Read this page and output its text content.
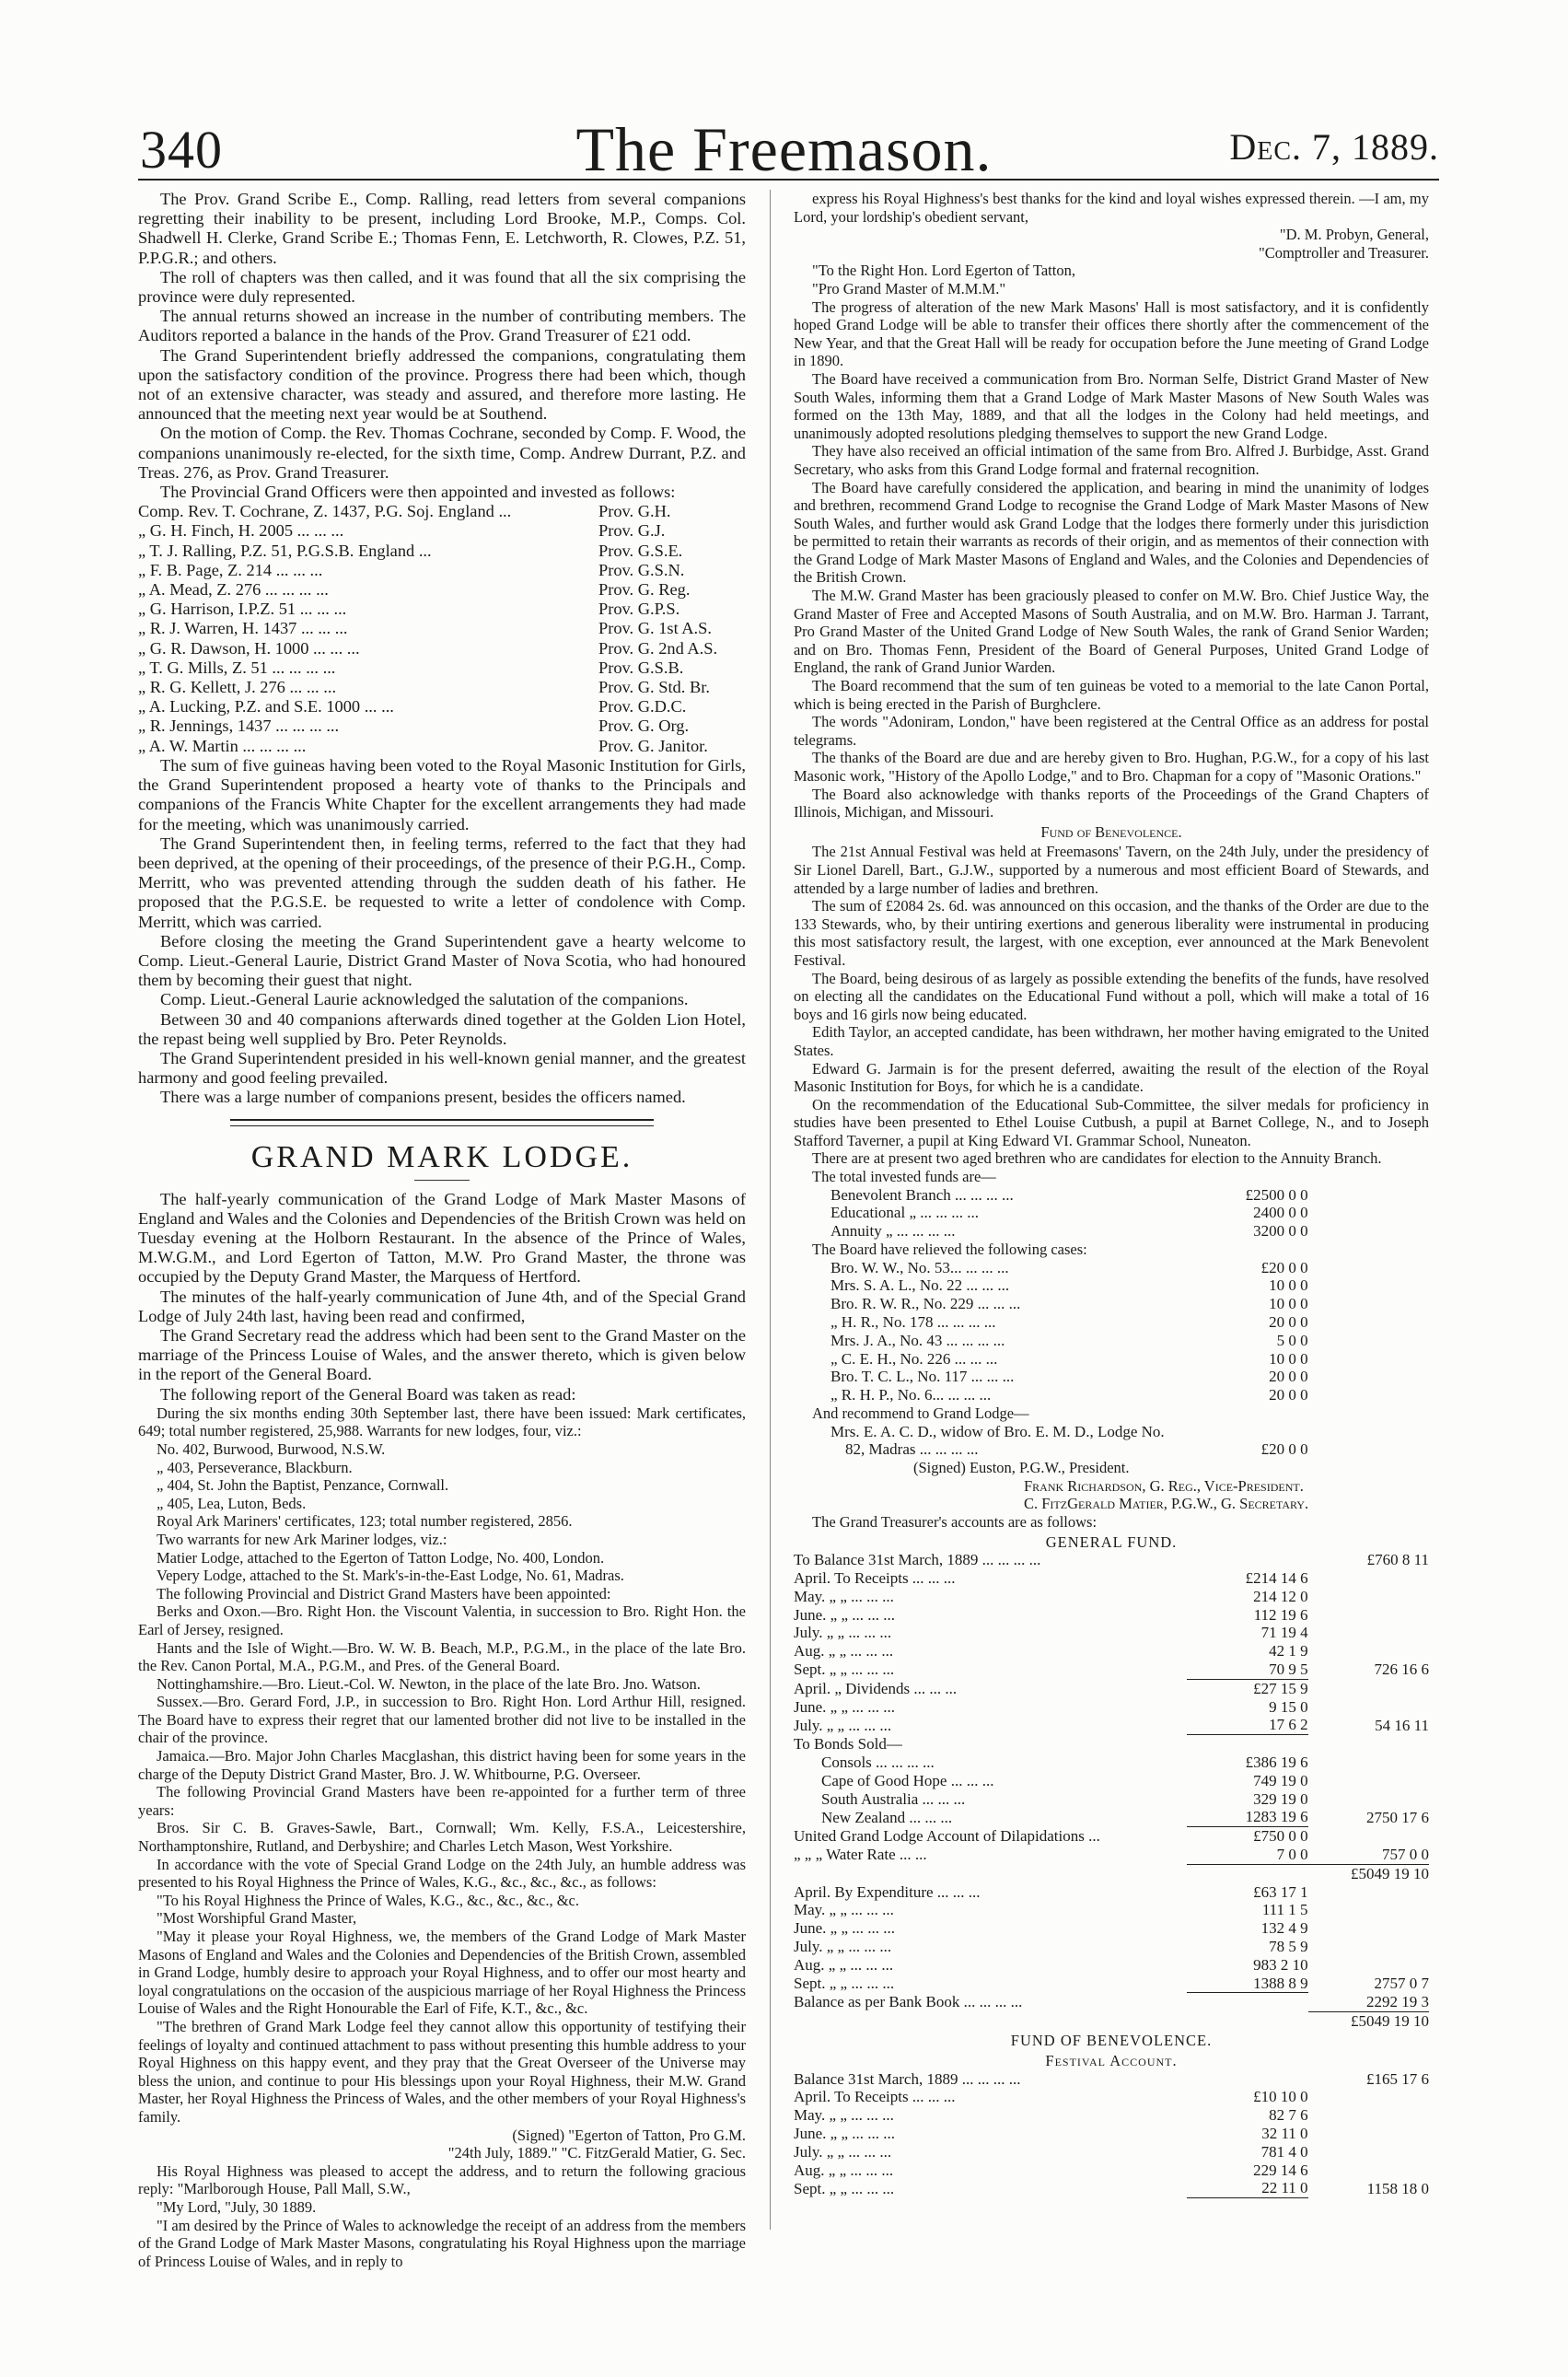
340	The Freemason.	Dec. 7, 1889.

The Prov. Grand Scribe E., Comp. Ralling, read letters from several companions regretting their inability to be present, including Lord Brooke, M.P., Comps. Col. Shadwell H. Clerke, Grand Scribe E.; Thomas Fenn, E. Letchworth, R. Clowes, P.Z. 51, P.P.G.R.; and others.

The roll of chapters was then called, and it was found that all the six comprising the province were duly represented.

The annual returns showed an increase in the number of contributing members. The Auditors reported a balance in the hands of the Prov. Grand Treasurer of £21 odd.

The Grand Superintendent briefly addressed the companions, congratulating them upon the satisfactory condition of the province. Progress there had been which, though not of an extensive character, was steady and assured, and therefore more lasting. He announced that the meeting next year would be at Southend.

On the motion of Comp. the Rev. Thomas Cochrane, seconded by Comp. F. Wood, the companions unanimously re-elected, for the sixth time, Comp. Andrew Durrant, P.Z. and Treas. 276, as Prov. Grand Treasurer.

The Provincial Grand Officers were then appointed and invested as follows:

Comp. Rev. T. Cochrane, Z. 1437, P.G. Soj. England ...	Prov. G.H.
„ G. H. Finch, H. 2005 ... ... ...	Prov. G.J.
„ T. J. Ralling, P.Z. 51, P.G.S.B. England ...	Prov. G.S.E.
„ F. B. Page, Z. 214 ... ... ...	Prov. G.S.N.
„ A. Mead, Z. 276 ... ... ... ...	Prov. G. Reg.
„ G. Harrison, I.P.Z. 51 ... ... ...	Prov. G.P.S.
„ R. J. Warren, H. 1437 ... ... ...	Prov. G. 1st A.S.
„ G. R. Dawson, H. 1000 ... ... ...	Prov. G. 2nd A.S.
„ T. G. Mills, Z. 51 ... ... ... ...	Prov. G.S.B.
„ R. G. Kellett, J. 276 ... ... ...	Prov. G. Std. Br.
„ A. Lucking, P.Z. and S.E. 1000 ... ...	Prov. G.D.C.
„ R. Jennings, 1437 ... ... ... ...	Prov. G. Org.
„ A. W. Martin ... ... ... ...	Prov. G. Janitor.

The sum of five guineas having been voted to the Royal Masonic Institution for Girls, the Grand Superintendent proposed a hearty vote of thanks to the Principals and companions of the Francis White Chapter for the excellent arrangements they had made for the meeting, which was unanimously carried.

The Grand Superintendent then, in feeling terms, referred to the fact that they had been deprived, at the opening of their proceedings, of the presence of their P.G.H., Comp. Merritt, who was prevented attending through the sudden death of his father. He proposed that the P.G.S.E. be requested to write a letter of condolence with Comp. Merritt, which was carried.

Before closing the meeting the Grand Superintendent gave a hearty welcome to Comp. Lieut.-General Laurie, District Grand Master of Nova Scotia, who had honoured them by becoming their guest that night.

Comp. Lieut.-General Laurie acknowledged the salutation of the companions.

Between 30 and 40 companions afterwards dined together at the Golden Lion Hotel, the repast being well supplied by Bro. Peter Reynolds.

The Grand Superintendent presided in his well-known genial manner, and the greatest harmony and good feeling prevailed.

There was a large number of companions present, besides the officers named.

GRAND MARK LODGE.

The half-yearly communication of the Grand Lodge of Mark Master Masons of England and Wales and the Colonies and Dependencies of the British Crown was held on Tuesday evening at the Holborn Restaurant. In the absence of the Prince of Wales, M.W.G.M., and Lord Egerton of Tatton, M.W. Pro Grand Master, the throne was occupied by the Deputy Grand Master, the Marquess of Hertford.

The minutes of the half-yearly communication of June 4th, and of the Special Grand Lodge of July 24th last, having been read and confirmed,

The Grand Secretary read the address which had been sent to the Grand Master on the marriage of the Princess Louise of Wales, and the answer thereto, which is given below in the report of the General Board.

The following report of the General Board was taken as read:

During the six months ending 30th September last, there have been issued: Mark certificates, 649; total number registered, 25,988. Warrants for new lodges, four, viz.:

No. 402, Burwood, Burwood, N.S.W.

„ 403, Perseverance, Blackburn.

„ 404, St. John the Baptist, Penzance, Cornwall.

„ 405, Lea, Luton, Beds.

Royal Ark Mariners' certificates, 123; total number registered, 2856.

Two warrants for new Ark Mariner lodges, viz.:

Matier Lodge, attached to the Egerton of Tatton Lodge, No. 400, London.

Vepery Lodge, attached to the St. Mark's-in-the-East Lodge, No. 61, Madras.

The following Provincial and District Grand Masters have been appointed:

Berks and Oxon.—Bro. Right Hon. the Viscount Valentia, in succession to Bro. Right Hon. the Earl of Jersey, resigned.

Hants and the Isle of Wight.—Bro. W. W. B. Beach, M.P., P.G.M., in the place of the late Bro. the Rev. Canon Portal, M.A., P.G.M., and Pres. of the General Board.

Nottinghamshire.—Bro. Lieut.-Col. W. Newton, in the place of the late Bro. Jno. Watson.

Sussex.—Bro. Gerard Ford, J.P., in succession to Bro. Right Hon. Lord Arthur Hill, resigned. The Board have to express their regret that our lamented brother did not live to be installed in the chair of the province.

Jamaica.—Bro. Major John Charles Macglashan, this district having been for some years in the charge of the Deputy District Grand Master, Bro. J. W. Whitbourne, P.G. Overseer.

The following Provincial Grand Masters have been re-appointed for a further term of three years:

Bros. Sir C. B. Graves-Sawle, Bart., Cornwall; Wm. Kelly, F.S.A., Leicestershire, Northamptonshire, Rutland, and Derbyshire; and Charles Letch Mason, West Yorkshire.

In accordance with the vote of Special Grand Lodge on the 24th July, an humble address was presented to his Royal Highness the Prince of Wales, K.G., &c., &c., &c., as follows:

"To his Royal Highness the Prince of Wales, K.G., &c., &c., &c., &c.

"Most Worshipful Grand Master,

"May it please your Royal Highness, we, the members of the Grand Lodge of Mark Master Masons of England and Wales and the Colonies and Dependencies of the British Crown, assembled in Grand Lodge, humbly desire to approach your Royal Highness, and to offer our most hearty and loyal congratulations on the occasion of the auspicious marriage of her Royal Highness the Princess Louise of Wales and the Right Honourable the Earl of Fife, K.T., &c., &c.

"The brethren of Grand Mark Lodge feel they cannot allow this opportunity of testifying their feelings of loyalty and continued attachment to pass without presenting this humble address to your Royal Highness on this happy event, and they pray that the Great Overseer of the Universe may bless the union, and continue to pour His blessings upon your Royal Highness, their M.W. Grand Master, her Royal Highness the Princess of Wales, and the other members of your Royal Highness's family.

(Signed) "Egerton of Tatton, Pro G.M.

"24th July, 1889." "C. FitzGerald Matier, G. Sec.

His Royal Highness was pleased to accept the address, and to return the following gracious reply: "Marlborough House, Pall Mall, S.W.,

"My Lord, "July, 30 1889.

"I am desired by the Prince of Wales to acknowledge the receipt of an address from the members of the Grand Lodge of Mark Master Masons, congratulating his Royal Highness upon the marriage of Princess Louise of Wales, and in reply to

express his Royal Highness's best thanks for the kind and loyal wishes expressed therein. —I am, my Lord, your lordship's obedient servant,

"D. M. Probyn, General,

"Comptroller and Treasurer.

"To the Right Hon. Lord Egerton of Tatton,

"Pro Grand Master of M.M.M."

The progress of alteration of the new Mark Masons' Hall is most satisfactory, and it is confidently hoped Grand Lodge will be able to transfer their offices there shortly after the commencement of the New Year, and that the Great Hall will be ready for occupation before the June meeting of Grand Lodge in 1890.

The Board have received a communication from Bro. Norman Selfe, District Grand Master of New South Wales, informing them that a Grand Lodge of Mark Master Masons of New South Wales was formed on the 13th May, 1889, and that all the lodges in the Colony had held meetings, and unanimously adopted resolutions pledging themselves to support the new Grand Lodge.

They have also received an official intimation of the same from Bro. Alfred J. Burbidge, Asst. Grand Secretary, who asks from this Grand Lodge formal and fraternal recognition.

The Board have carefully considered the application, and bearing in mind the unanimity of lodges and brethren, recommend Grand Lodge to recognise the Grand Lodge of Mark Master Masons of New South Wales, and further would ask Grand Lodge that the lodges there formerly under this jurisdiction be permitted to retain their warrants as records of their origin, and as mementos of their connection with the Grand Lodge of Mark Master Masons of England and Wales, and the Colonies and Dependencies of the British Crown.

The M.W. Grand Master has been graciously pleased to confer on M.W. Bro. Chief Justice Way, the Grand Master of Free and Accepted Masons of South Australia, and on M.W. Bro. Harman J. Tarrant, Pro Grand Master of the United Grand Lodge of New South Wales, the rank of Grand Senior Warden; and on Bro. Thomas Fenn, President of the Board of General Purposes, United Grand Lodge of England, the rank of Grand Junior Warden.

The Board recommend that the sum of ten guineas be voted to a memorial to the late Canon Portal, which is being erected in the Parish of Burghclere.

The words "Adoniram, London," have been registered at the Central Office as an address for postal telegrams.

The thanks of the Board are due and are hereby given to Bro. Hughan, P.G.W., for a copy of his last Masonic work, "History of the Apollo Lodge," and to Bro. Chapman for a copy of "Masonic Orations."

The Board also acknowledge with thanks reports of the Proceedings of the Grand Chapters of Illinois, Michigan, and Missouri.

Fund of Benevolence.

The 21st Annual Festival was held at Freemasons' Tavern, on the 24th July, under the presidency of Sir Lionel Darell, Bart., G.J.W., supported by a numerous and most efficient Board of Stewards, and attended by a large number of ladies and brethren.

The sum of £2084 2s. 6d. was announced on this occasion, and the thanks of the Order are due to the 133 Stewards, who, by their untiring exertions and generous liberality were instrumental in producing this most satisfactory result, the largest, with one exception, ever announced at the Mark Benevolent Festival.

The Board, being desirous of as largely as possible extending the benefits of the funds, have resolved on electing all the candidates on the Educational Fund without a poll, which will make a total of 16 boys and 16 girls now being educated.

Edith Taylor, an accepted candidate, has been withdrawn, her mother having emigrated to the United States.

Edward G. Jarmain is for the present deferred, awaiting the result of the election of the Royal Masonic Institution for Boys, for which he is a candidate.

On the recommendation of the Educational Sub-Committee, the silver medals for proficiency in studies have been presented to Ethel Louise Cutbush, a pupil at Barnet College, N., and to Joseph Stafford Taverner, a pupil at King Edward VI. Grammar School, Nuneaton.

There are at present two aged brethren who are candidates for election to the Annuity Branch.

The total invested funds are—

Benevolent Branch ... ... ... ...	£2500 0 0	
Educational „ ... ... ... ...	2400 0 0	
Annuity „ ... ... ... ...	3200 0 0	

The Board have relieved the following cases:

Bro. W. W., No. 53... ... ... ...	£20 0 0	
Mrs. S. A. L., No. 22 ... ... ...	10 0 0	
Bro. R. W. R., No. 229 ... ... ...	10 0 0	
„ H. R., No. 178 ... ... ... ...	20 0 0	
Mrs. J. A., No. 43 ... ... ... ...	5 0 0	
„ C. E. H., No. 226 ... ... ...	10 0 0	
Bro. T. C. L., No. 117 ... ... ...	20 0 0	
„ R. H. P., No. 6... ... ... ...	20 0 0	

And recommend to Grand Lodge—

Mrs. E. A. C. D., widow of Bro. E. M. D., Lodge No.
82, Madras ... ... ... ...	£20 0 0	

(Signed) Euston, P.G.W., President.

Frank Richardson, G. Reg., Vice-President.

C. FitzGerald Matier, P.G.W., G. Secretary.

The Grand Treasurer's accounts are as follows:

GENERAL FUND.
To Balance 31st March, 1889 ... ... ... ...		£760 8 11
April. To Receipts ... ... ...	£214 14 6	
May. „ „ ... ... ...	214 12 0	
June. „ „ ... ... ...	112 19 6	
July. „ „ ... ... ...	71 19 4	
Aug. „ „ ... ... ...	42 1 9	
Sept. „ „ ... ... ...	70 9 5	726 16 6
April. „ Dividends ... ... ...	£27 15 9	
June. „ „ ... ... ...	9 15 0	
July. „ „ ... ... ...	17 6 2	54 16 11
To Bonds Sold—		
Consols ... ... ... ...	£386 19 6	
Cape of Good Hope ... ... ...	749 19 0	
South Australia ... ... ...	329 19 0	
New Zealand ... ... ...	1283 19 6	2750 17 6
United Grand Lodge Account of Dilapidations ...	£750 0 0	
„ „ „ Water Rate ... ...	7 0 0	757 0 0
		£5049 19 10
April. By Expenditure ... ... ...	£63 17 1	
May. „ „ ... ... ...	111 1 5	
June. „ „ ... ... ...	132 4 9	
July. „ „ ... ... ...	78 5 9	
Aug. „ „ ... ... ...	983 2 10	
Sept. „ „ ... ... ...	1388 8 9	2757 0 7
Balance as per Bank Book ... ... ... ...		2292 19 3
		£5049 19 10
FUND OF BENEVOLENCE.
Festival Account.
Balance 31st March, 1889 ... ... ... ...		£165 17 6
April. To Receipts ... ... ...	£10 10 0	
May. „ „ ... ... ...	82 7 6	
June. „ „ ... ... ...	32 11 0	
July. „ „ ... ... ...	781 4 0	
Aug. „ „ ... ... ...	229 14 6	
Sept. „ „ ... ... ...	22 11 0	1158 18 0
